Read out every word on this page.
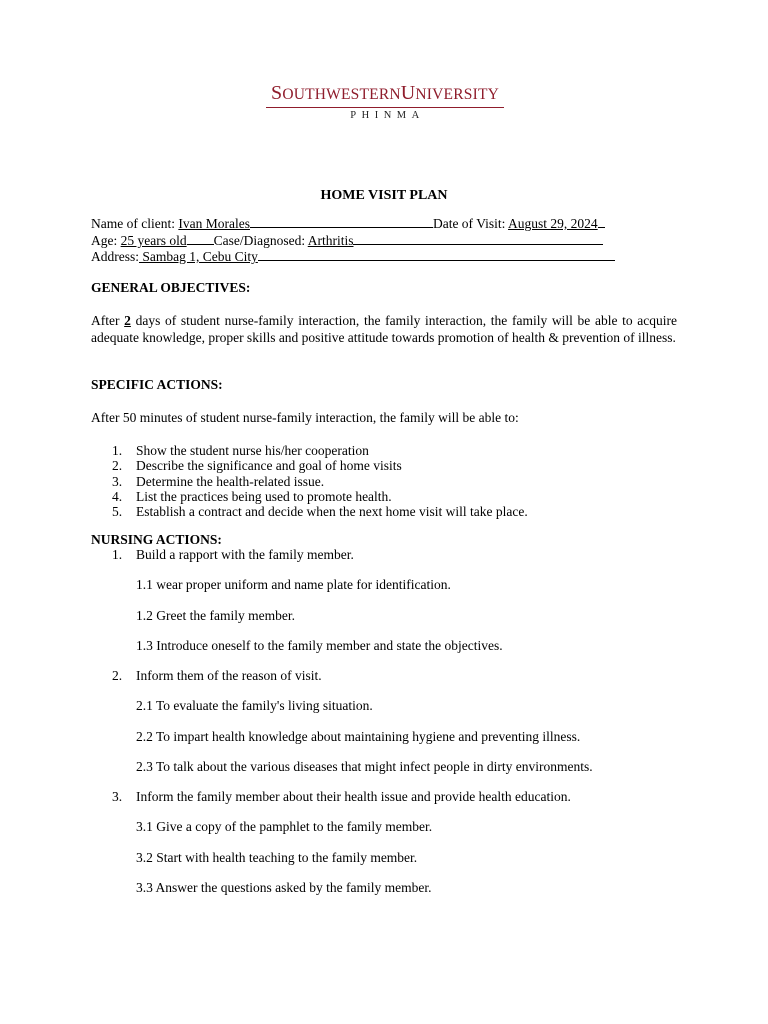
SOUTHWESTERNUNIVERSITY
PHINMA
HOME VISIT PLAN
Name of client: Ivan Morales	Date of Visit: August 29, 2024
Age: 25 years old Case/Diagnosed: Arthritis
Address: Sambag 1, Cebu City
GENERAL OBJECTIVES:
After 2 days of student nurse-family interaction, the family interaction, the family will be able to acquire adequate knowledge, proper skills and positive attitude towards promotion of health & prevention of illness.
SPECIFIC ACTIONS:
After 50 minutes of student nurse-family interaction, the family will be able to:
1. Show the student nurse his/her cooperation
2. Describe the significance and goal of home visits
3. Determine the health-related issue.
4. List the practices being used to promote health.
5. Establish a contract and decide when the next home visit will take place.
NURSING ACTIONS:
1. Build a rapport with the family member.
1.1 wear proper uniform and name plate for identification.
1.2 Greet the family member.
1.3 Introduce oneself to the family member and state the objectives.
2. Inform them of the reason of visit.
2.1 To evaluate the family's living situation.
2.2 To impart health knowledge about maintaining hygiene and preventing illness.
2.3 To talk about the various diseases that might infect people in dirty environments.
3. Inform the family member about their health issue and provide health education.
3.1 Give a copy of the pamphlet to the family member.
3.2 Start with health teaching to the family member.
3.3 Answer the questions asked by the family member.
